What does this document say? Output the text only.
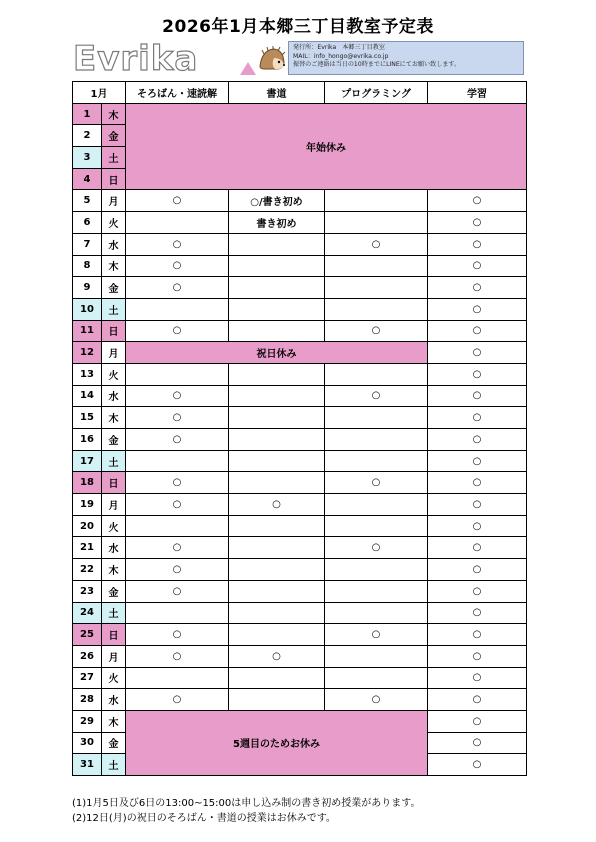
2026年1月本郷三丁目教室予定表
Evrika	発行所：Evrika　本郷三丁目教室
MAIL：info_hongo@evrika.co.jp
振替のご連絡は当日の10時までにLINEにてお願い致します。
1月		そろばん・速読解	書道	プログラミング	学習
1	木	年始休み			
2	金				
3	土				
4	日				
5	月	○	○/書き初め		○
6	火		書き初め		○
7	水	○		○	○
8	木	○			○
9	金	○			○
10	土				○
11	日	○		○	○
12	月	祝日休み			○
13	火				○
14	水	○		○	○
15	木	○			○
16	金	○			○
17	土				○
18	日	○		○	○
19	月	○	○		○
20	火				○
21	水	○		○	○
22	木	○			○
23	金	○			○
24	土				○
25	日	○		○	○
26	月	○	○		○
27	火				○
28	水	○		○	○
29	木	5週目のためお休み			○
30	金				○
31	土				○
(1)1月5日及び6日の13:00~15:00は申し込み制の書き初め授業があります。
(2)12日(月)の祝日のそろばん・書道の授業はお休みです。
